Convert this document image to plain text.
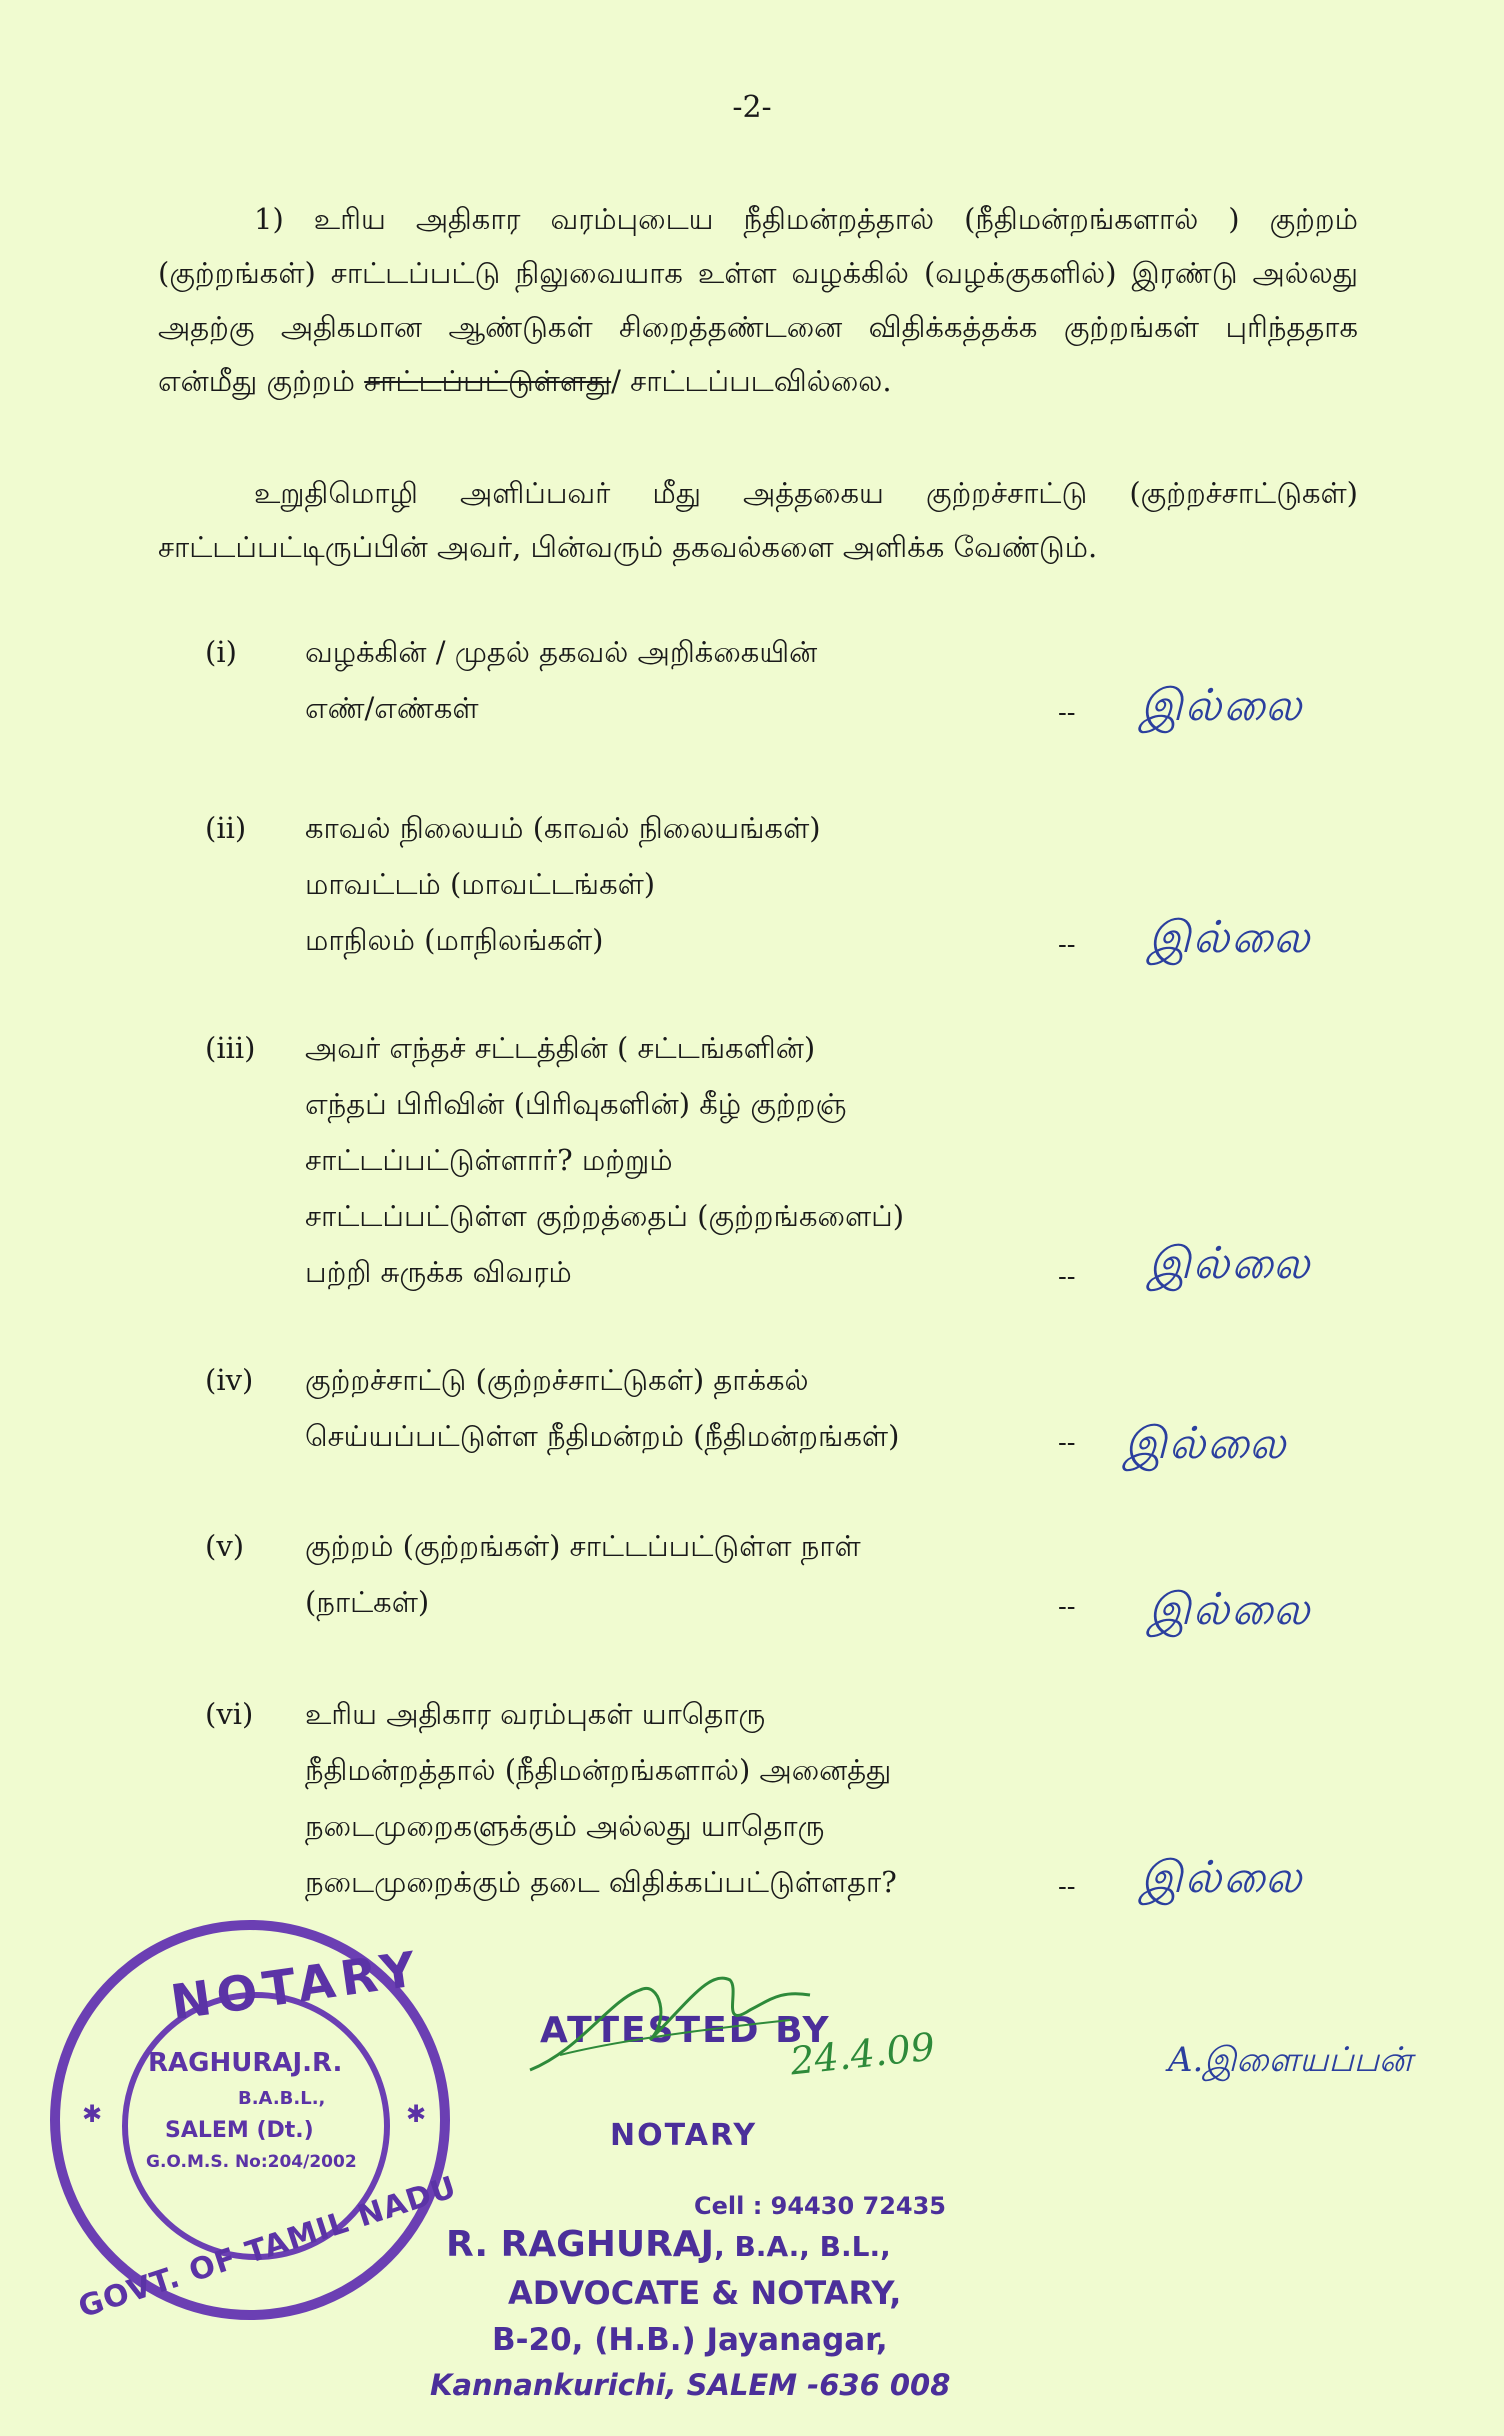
-2-
1) உரிய அதிகார வரம்புடைய நீதிமன்றத்தால் (நீதிமன்றங்களால் ) குற்றம் (குற்றங்கள்) சாட்டப்பட்டு நிலுவையாக உள்ள வழக்கில் (வழக்குகளில்) இரண்டு அல்லது அதற்கு அதிகமான ஆண்டுகள் சிறைத்தண்டனை விதிக்கத்தக்க குற்றங்கள் புரிந்ததாக என்மீது குற்றம் சாட்டப்பட்டுள்ளது/ சாட்டப்படவில்லை.
உறுதிமொழி அளிப்பவர் மீது அத்தகைய குற்றச்சாட்டு (குற்றச்சாட்டுகள்) சாட்டப்பட்டிருப்பின் அவர், பின்வரும் தகவல்களை அளிக்க வேண்டும்.
(i) வழக்கின் / முதல் தகவல் அறிக்கையின்
எண்/எண்கள்	-- இல்லை
(ii) காவல் நிலையம் (காவல் நிலையங்கள்)
மாவட்டம் (மாவட்டங்கள்)
மாநிலம் (மாநிலங்கள்)	-- இல்லை
(iii) அவர் எந்தச் சட்டத்தின் ( சட்டங்களின்)
எந்தப் பிரிவின் (பிரிவுகளின்) கீழ் குற்றஞ்
சாட்டப்பட்டுள்ளார்? மற்றும்
சாட்டப்பட்டுள்ள குற்றத்தைப் (குற்றங்களைப்)
பற்றி சுருக்க விவரம்	-- இல்லை
(iv) குற்றச்சாட்டு (குற்றச்சாட்டுகள்) தாக்கல்
செய்யப்பட்டுள்ள நீதிமன்றம் (நீதிமன்றங்கள்)	-- இல்லை
(v) குற்றம் (குற்றங்கள்) சாட்டப்பட்டுள்ள நாள்
(நாட்கள்)	-- இல்லை
(vi) உரிய அதிகார வரம்புகள் யாதொரு
நீதிமன்றத்தால் (நீதிமன்றங்களால்) அனைத்து
நடைமுறைகளுக்கும் அல்லது யாதொரு
நடைமுறைக்கும் தடை விதிக்கப்பட்டுள்ளதா?	-- இல்லை
NOTARY
GOVT. OF TAMIL NADU
RAGHURAJ.R.
B.A.B.L.,
SALEM (Dt.)
G.O.M.S. No:204/2002
✱	✱
ATTESTED BY
NOTARY
24.4.09
Cell : 94430 72435
R. RAGHURAJ, B.A., B.L.,
ADVOCATE & NOTARY,
B-20, (H.B.) Jayanagar,
Kannankurichi, SALEM -636 008
A.இளையப்பன்
